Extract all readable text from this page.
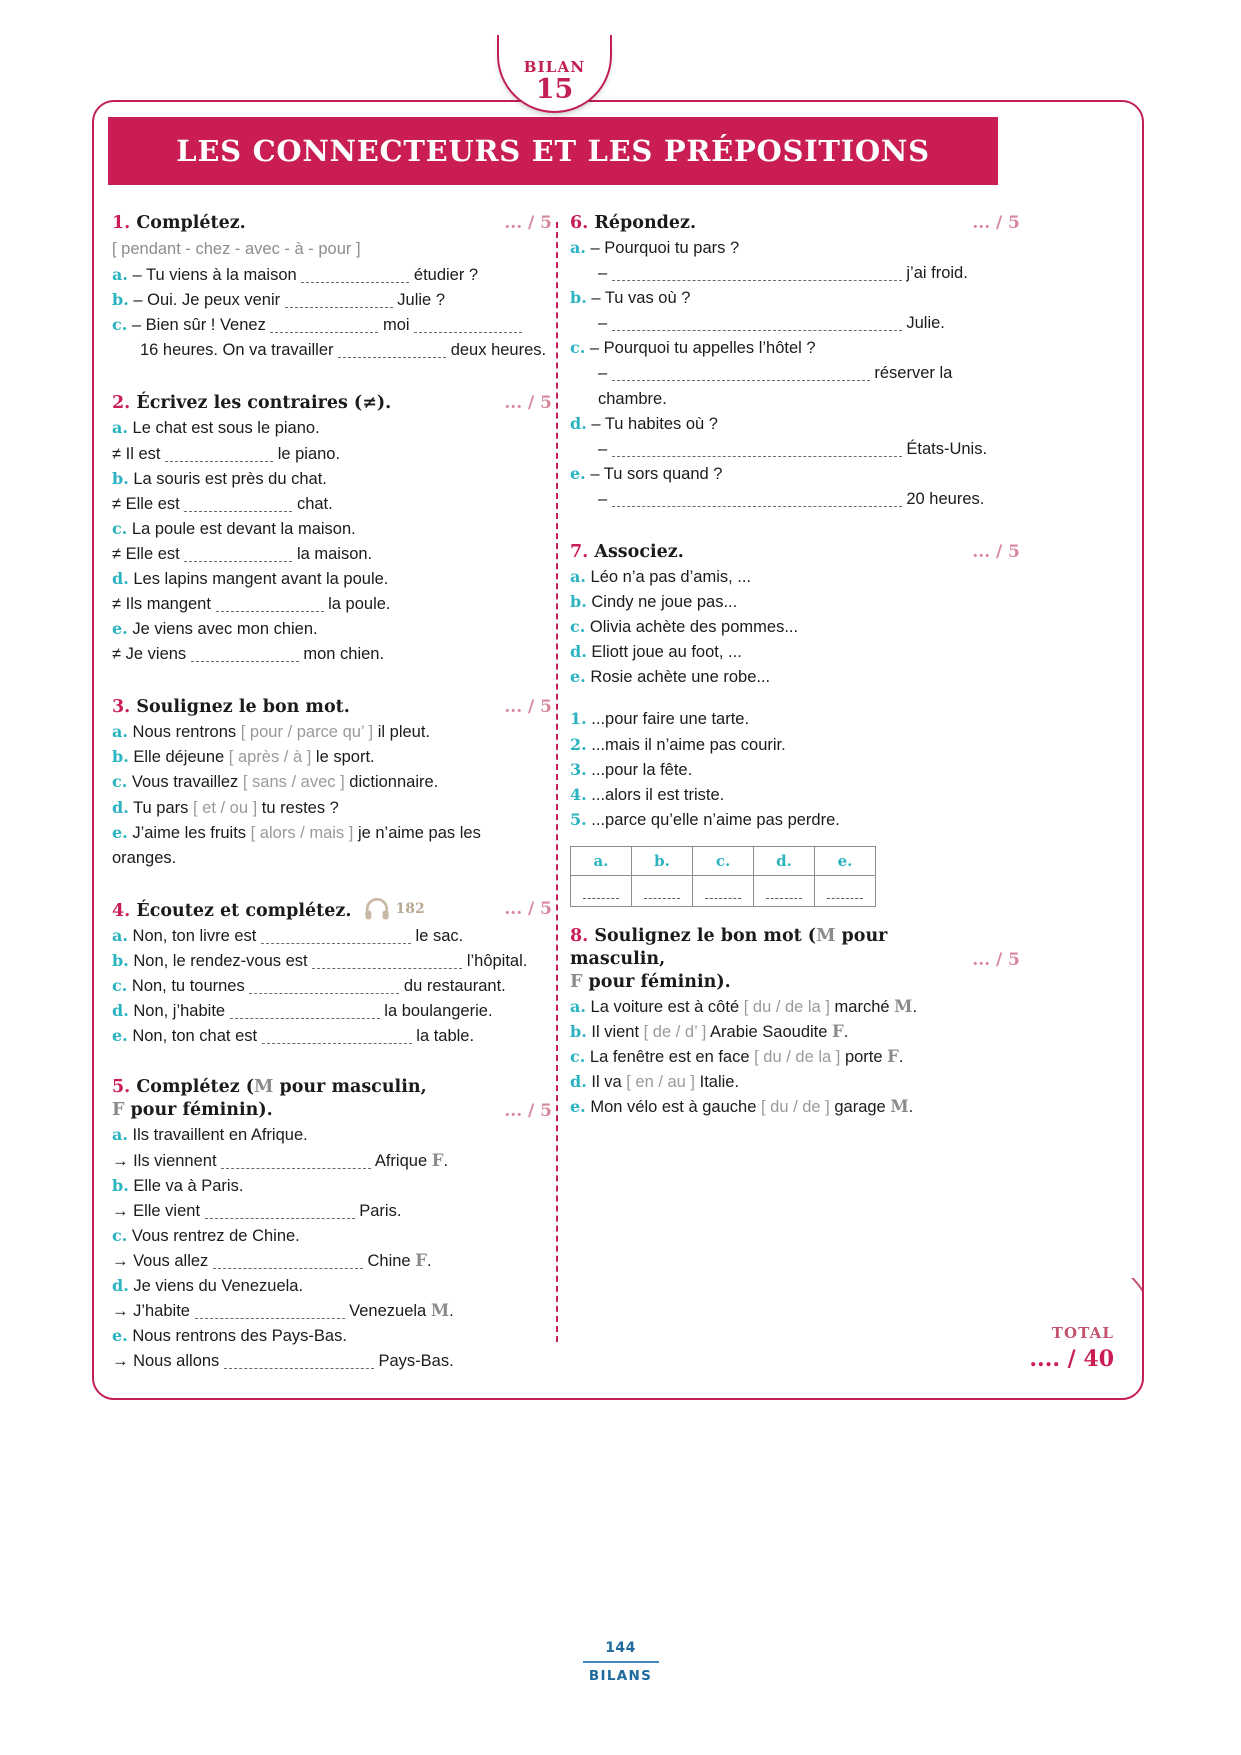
BILAN
15
LES CONNECTEURS ET LES PRÉPOSITIONS
1. Complétez.	... / 5
[ pendant - chez - avec - à - pour ]
a. – Tu viens à la maison	étudier ?
b. – Oui. Je peux venir	Julie ?
c. – Bien sûr ! Venez	moi
16 heures. On va travailler	deux heures.
2. Écrivez les contraires (≠).	... / 5
a. Le chat est sous le piano.
≠ Il est	le piano.
b. La souris est près du chat.
≠ Elle est	chat.
c. La poule est devant la maison.
≠ Elle est	la maison.
d. Les lapins mangent avant la poule.
≠ Ils mangent	la poule.
e. Je viens avec mon chien.
≠ Je viens	mon chien.
3. Soulignez le bon mot.	... / 5
a. Nous rentrons [ pour / parce qu’ ] il pleut.
b. Elle déjeune [ après / à ] le sport.
c. Vous travaillez [ sans / avec ] dictionnaire.
d. Tu pars [ et / ou ] tu restes ?
e. J’aime les fruits [ alors / mais ] je n’aime pas les
oranges.
4. Écoutez et complétez.	182	... / 5
a. Non, ton livre est	le sac.
b. Non, le rendez-vous est	l’hôpital.
c. Non, tu tournes	du restaurant.
d. Non, j’habite	la boulangerie.
e. Non, ton chat est	la table.
5. Complétez (M pour masculin,
F pour féminin).	... / 5
a. Ils travaillent en Afrique.
→ Ils viennent	Afrique F.
b. Elle va à Paris.
→ Elle vient	Paris.
c. Vous rentrez de Chine.
→ Vous allez	Chine F.
d. Je viens du Venezuela.
→ J’habite	Venezuela M.
e. Nous rentrons des Pays-Bas.
→ Nous allons	Pays-Bas.
6. Répondez.	... / 5
a. – Pourquoi tu pars ?
–	j’ai froid.
b. – Tu vas où ?
–	Julie.
c. – Pourquoi tu appelles l’hôtel ?
–	réserver la
chambre.
d. – Tu habites où ?
–	États-Unis.
e. – Tu sors quand ?
–	20 heures.
7. Associez.	... / 5
a. Léo n’a pas d’amis, ...
b. Cindy ne joue pas...
c. Olivia achète des pommes...
d. Eliott joue au foot, ...
e. Rosie achète une robe...
1. ...pour faire une tarte.
2. ...mais il n’aime pas courir.
3. ...pour la fête.
4. ...alors il est triste.
5. ...parce qu’elle n’aime pas perdre.
a.	b.	c.	d.	e.

8. Soulignez le bon mot (M pour masculin,
F pour féminin).
... / 5
a. La voiture est à côté [ du / de la ] marché M.
b. Il vient [ de / d’ ] Arabie Saoudite F.
c. La fenêtre est en face [ du / de la ] porte F.
d. Il va [ en / au ] Italie.
e. Mon vélo est à gauche [ du / de ] garage M.
TOTAL
.... / 40
144
BILANS
